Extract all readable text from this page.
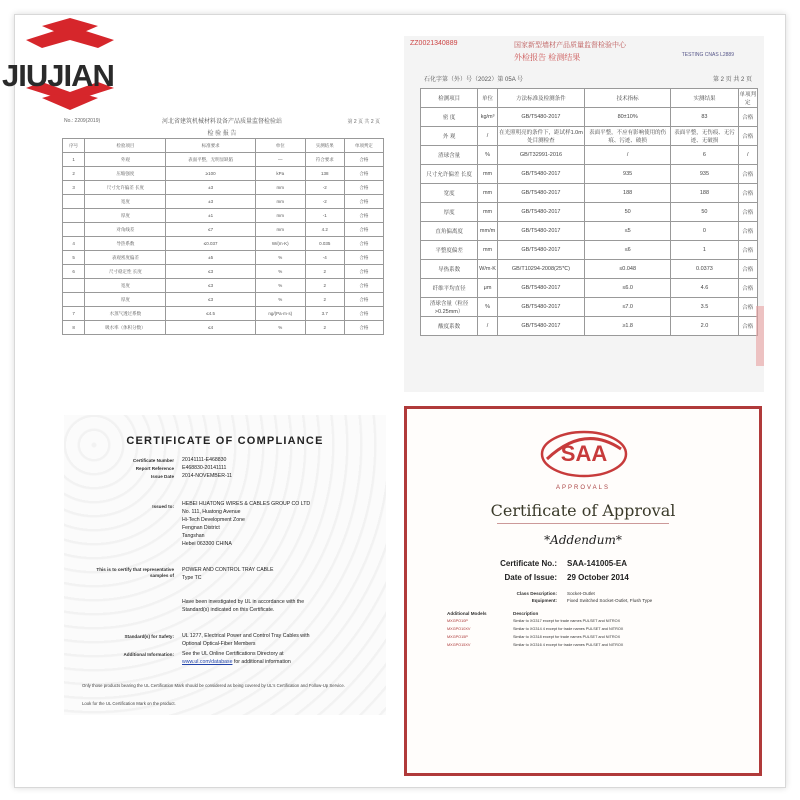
JIUJIAN
No.: 2209(2019)	第 2 页 共 2 页
河北省建筑机械材料设备产品质量监督检验站
检 验 报 告
序号	检验项目	标准要求	单位	实测结果	单项判定
1	外观	表面平整，无明显缺陷	—	符合要求	合格
2	压缩强度	≥100	kPa	138	合格
3	尺寸允许偏差 长度	±3	mm	-2	合格
	宽度	±3	mm	-2	合格
	厚度	±1	mm	-1	合格
	对角线差	≤7	mm	4.2	合格
4	导热系数	≤0.037	W/(m·K)	0.035	合格
5	表观密度偏差	±5	%	-4	合格
6	尺寸稳定性 长度	≤3	%	2	合格
	宽度	≤3	%	2	合格
	厚度	≤3	%	2	合格
7	水蒸气透过系数	≤4.5	ng/(Pa·m·s)	3.7	合格
8	吸水率（体积分数）	≤4	%	2	合格
ZZ0021340889	国家新型墙材产品质量监督检验中心
外检报告 检测结果	TESTING CNAS L2889
石化字第（外）号（2022）第 05A 号	第 2 页 共 2 页
检测项目	单位	方法标准及检测条件	技术指标	实测结果	单项判定
密 度	kg/m³	GB/T5480-2017	80±10%	83	合格
外 观	/	在光照明亮的条件下，距试样1.0m处目测检查	表面平整，不应有影响使用的伤痕、污迹、破损	表面平整，无伤痕、无污迹、无破损	合格
渣球含量	%	GB/T32991-2016	/	6	/
尺寸允许偏差 长度	mm	GB/T5480-2017	935	935	合格
宽度	mm	GB/T5480-2017	188	188	合格
厚度	mm	GB/T5480-2017	50	50	合格
直角偏离度	mm/m	GB/T5480-2017	≤5	0	合格
平整度偏差	mm	GB/T5480-2017	≤6	1	合格
导热系数	W/m·K	GB/T10294-2008(25℃)	≤0.048	0.0373	合格
纤维平均直径	μm	GB/T5480-2017	≤6.0	4.6	合格
渣球含量（粒径>0.25mm）	%	GB/T5480-2017	≤7.0	3.5	合格
酸度系数	/	GB/T5480-2017	≥1.8	2.0	合格
CERTIFICATE OF COMPLIANCE
Certificate Number 20141111-E468830
Report Reference E468830-20141111
Issue Date 2014-NOVEMBER-11
Issued to: HEBEI HUATONG WIRES & CABLES GROUP CO LTD
No. 111, Huatong Avenue
Hi-Tech Development Zone
Fengnan District
Tangshan
Hebei 063300 CHINA
This is to certify that representative samples of
POWER AND CONTROL TRAY CABLE
Type TC
Have been investigated by UL in accordance with the
Standard(s) indicated on this Certificate.
Standard(s) for Safety: UL 1277, Electrical Power and Control Tray Cables with
Optional Optical-Fiber Members
Additional Information: See the UL Online Certifications Directory at
www.ul.com/database for additional information
Only those products bearing the UL Certification Mark should be considered as being covered by UL's Certification and Follow-Up Service.
Look for the UL Certification Mark on the product.
SAA
APPROVALS
Certificate of Approval
*Addendum*
Certificate No.: SAA-141005-EA
Date of Issue: 29 October 2014
Class Description: Socket-Outlet
Equipment: Fixed Switched Socket-Outlet, Flush Type
Additional Models	Description
MXGPO10P	Similar to XG317 except for trade names PULSET and NITROX
MXGPO10XV	Similar to XG314 4 except for trade names PULSET and NITROX
MXGPO15P	Similar to XG318 except for trade names PULSET and NITROX
MXGPO15XV	Similar to XG316 4 except for trade names PULSET and NITROX
